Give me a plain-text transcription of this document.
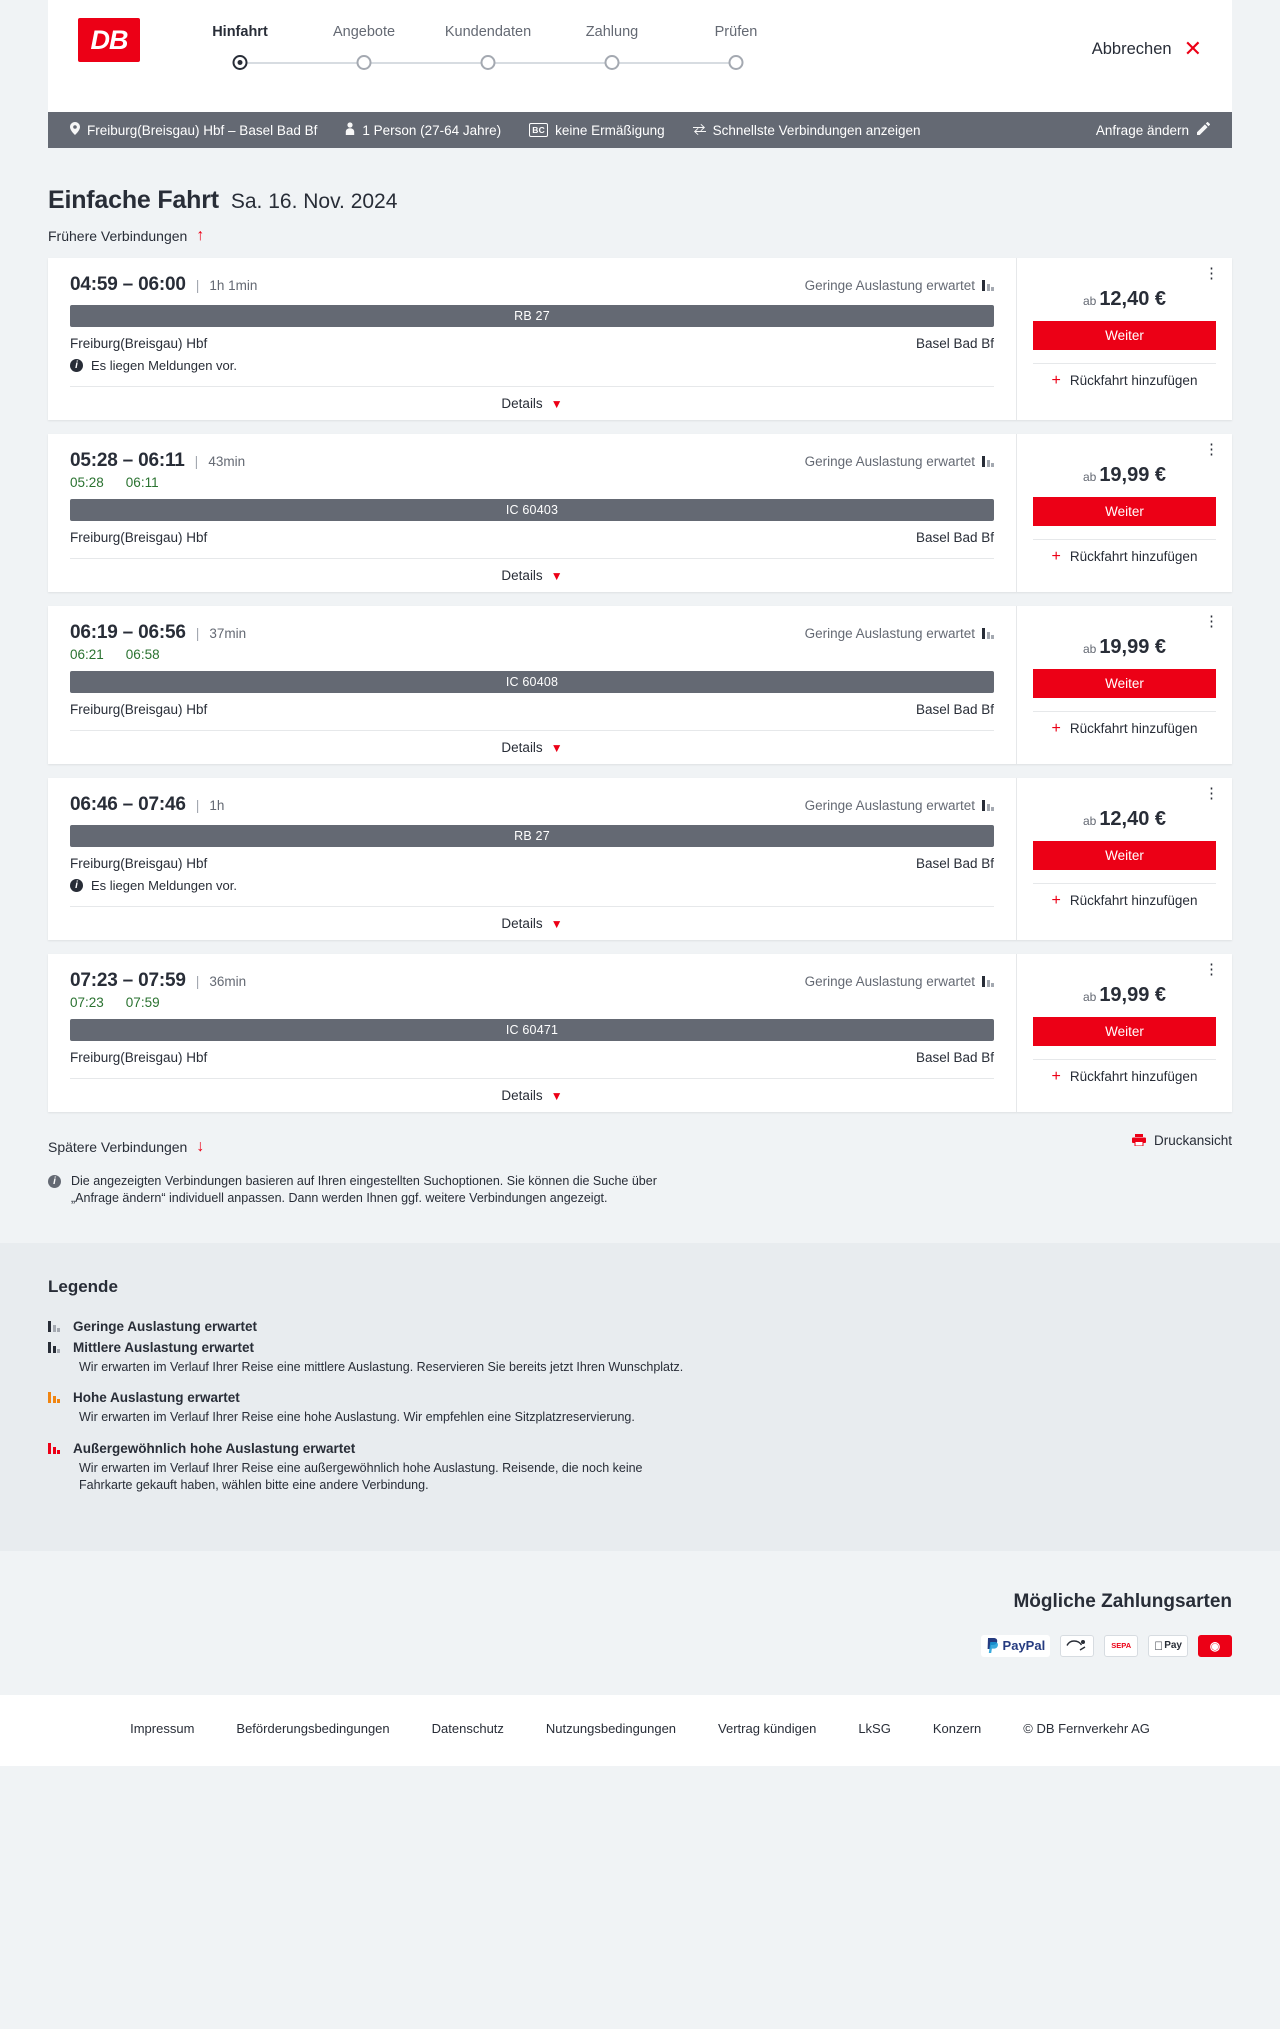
DB	Hinfahrt	Angebote	Kundendaten	Zahlung	Prüfen
Abbrechen ✕
Freiburg(Breisgau) Hbf – Basel Bad Bf	1 Person (27-64 Jahre)	BC keine Ermäßigung	Schnellste Verbindungen anzeigen	Anfrage ändern
Einfache Fahrt Sa. 16. Nov. 2024
Frühere Verbindungen ↑
04:59 – 06:00 | 1h 1min	Geringe Auslastung erwartet
RB 27
Freiburg(Breisgau) Hbf	Basel Bad Bf
i	Es liegen Meldungen vor.
Details ▼
⋮
ab 12,40 €
Weiter
+ Rückfahrt hinzufügen
05:28 – 06:11 | 43min	Geringe Auslastung erwartet
05:28 06:11
IC 60403
Freiburg(Breisgau) Hbf	Basel Bad Bf
Details ▼
⋮
ab 19,99 €
Weiter
+ Rückfahrt hinzufügen
06:19 – 06:56 | 37min	Geringe Auslastung erwartet
06:21 06:58
IC 60408
Freiburg(Breisgau) Hbf	Basel Bad Bf
Details ▼
⋮
ab 19,99 €
Weiter
+ Rückfahrt hinzufügen
06:46 – 07:46 | 1h	Geringe Auslastung erwartet
RB 27
Freiburg(Breisgau) Hbf	Basel Bad Bf
i	Es liegen Meldungen vor.
Details ▼
⋮
ab 12,40 €
Weiter
+ Rückfahrt hinzufügen
07:23 – 07:59 | 36min	Geringe Auslastung erwartet
07:23 07:59
IC 60471
Freiburg(Breisgau) Hbf	Basel Bad Bf
Details ▼
⋮
ab 19,99 €
Weiter
+ Rückfahrt hinzufügen
Spätere Verbindungen ↓	Druckansicht
i	Die angezeigten Verbindungen basieren auf Ihren eingestellten Suchoptionen. Sie können die Suche über „Anfrage ändern“ individuell anpassen. Dann werden Ihnen ggf. weitere Verbindungen angezeigt.
Legende
Geringe Auslastung erwartet
Mittlere Auslastung erwartet
Wir erwarten im Verlauf Ihrer Reise eine mittlere Auslastung. Reservieren Sie bereits jetzt Ihren Wunschplatz.
Hohe Auslastung erwartet
Wir erwarten im Verlauf Ihrer Reise eine hohe Auslastung. Wir empfehlen eine Sitzplatzreservierung.
Außergewöhnlich hohe Auslastung erwartet
Wir erwarten im Verlauf Ihrer Reise eine außergewöhnlich hohe Auslastung. Reisende, die noch keine Fahrkarte gekauft haben, wählen bitte eine andere Verbindung.
Mögliche Zahlungsarten
PayPal	SEPA	Pay ◉
Impressum	Beförderungsbedingungen	Datenschutz	Nutzungsbedingungen	Vertrag kündigen	LkSG	Konzern	© DB Fernverkehr AG
